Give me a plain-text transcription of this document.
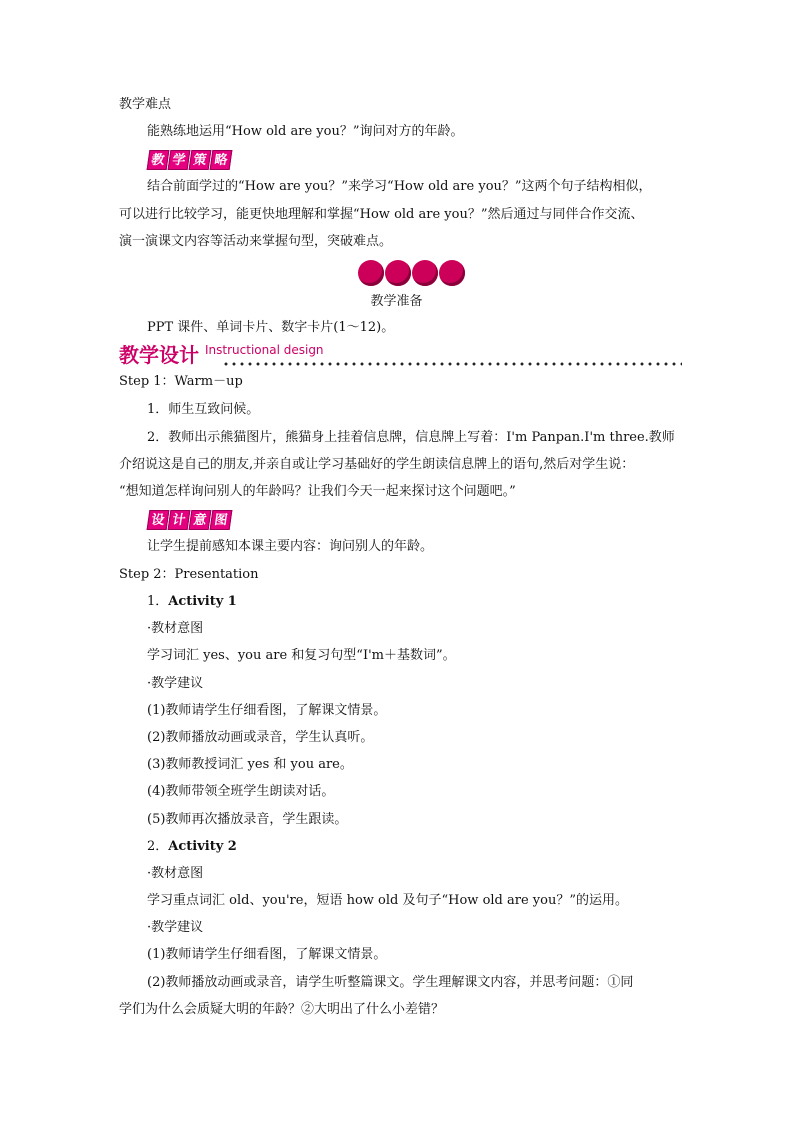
教学难点
能熟练地运用“How old are you？”询问对方的年龄。
教 学 策 略
结合前面学过的“How are you？”来学习“How old are you？”这两个句子结构相似，
可以进行比较学习，能更快地理解和掌握“How old are you？”然后通过与同伴合作交流、
演一演课文内容等活动来掌握句型，突破难点。
教学准备
PPT 课件、单词卡片、数字卡片(1～12)。
教学设计 Instructional design
Step 1：Warm－up
1．师生互致问候。
2．教师出示熊猫图片，熊猫身上挂着信息牌，信息牌上写着：I'm Panpan.I'm three.教师
介绍说这是自己的朋友,并亲自或让学习基础好的学生朗读信息牌上的语句,然后对学生说：
“想知道怎样询问别人的年龄吗？让我们今天一起来探讨这个问题吧。”
设 计 意 图
让学生提前感知本课主要内容：询问别人的年龄。
Step 2：Presentation
1．Activity 1
·教材意图
学习词汇 yes、you are 和复习句型“I'm＋基数词”。
·教学建议
(1)教师请学生仔细看图，了解课文情景。
(2)教师播放动画或录音，学生认真听。
(3)教师教授词汇 yes 和 you are。
(4)教师带领全班学生朗读对话。
(5)教师再次播放录音，学生跟读。
2．Activity 2
·教材意图
学习重点词汇 old、you're，短语 how old 及句子“How old are you？”的运用。
·教学建议
(1)教师请学生仔细看图，了解课文情景。
(2)教师播放动画或录音，请学生听整篇课文。学生理解课文内容，并思考问题：①同
学们为什么会质疑大明的年龄？②大明出了什么小差错？
